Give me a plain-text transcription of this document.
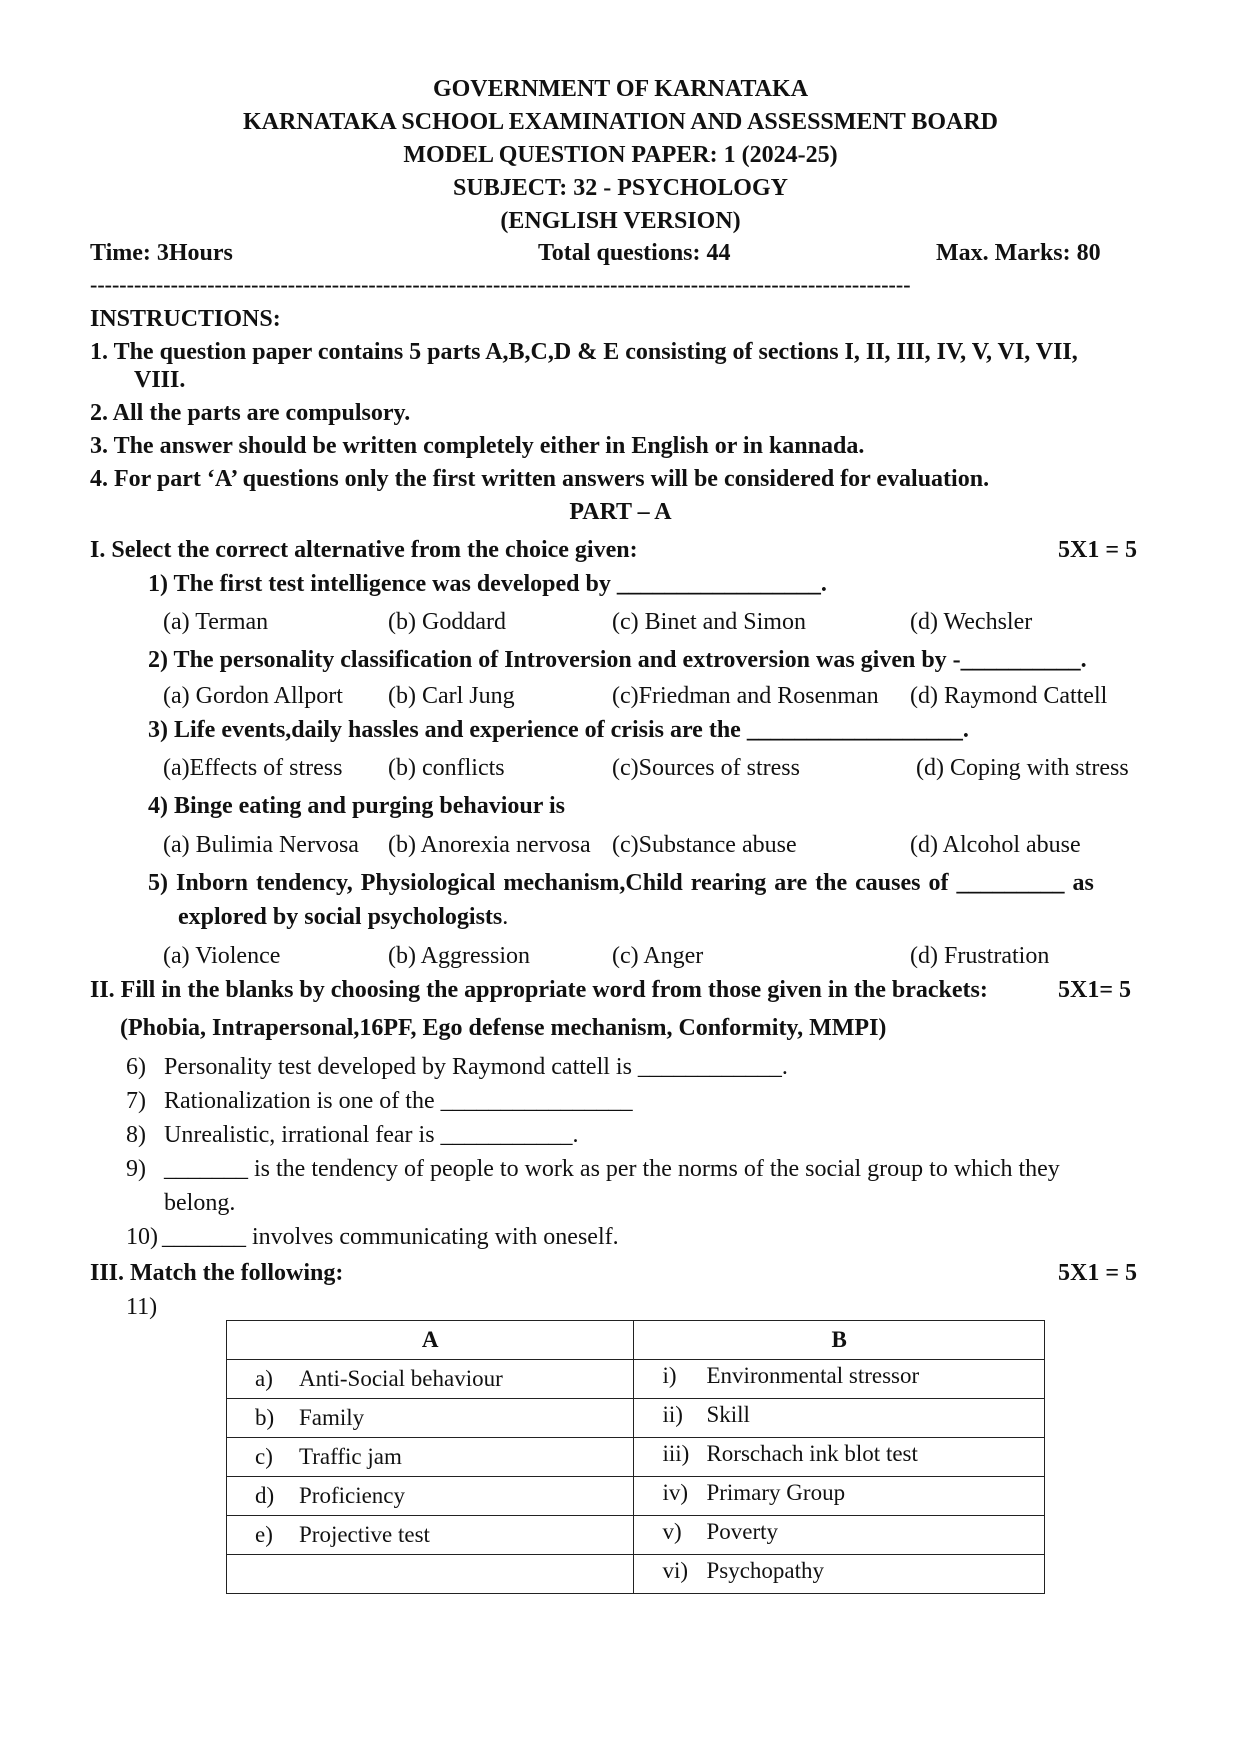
GOVERNMENT OF KARNATAKA
KARNATAKA SCHOOL EXAMINATION AND ASSESSMENT BOARD
MODEL QUESTION PAPER: 1 (2024-25)
SUBJECT: 32 - PSYCHOLOGY
(ENGLISH VERSION)
Time: 3Hours	Total questions: 44	Max. Marks: 80
----------------------------------------------------------------------------------------------------------------
INSTRUCTIONS:
1. The question paper contains 5 parts A,B,C,D & E consisting of sections I, II, III, IV, V, VI, VII,
VIII.
2. All the parts are compulsory.
3. The answer should be written completely either in English or in kannada.
4. For part ‘A’ questions only the first written answers will be considered for evaluation.
PART – A
I. Select the correct alternative from the choice given:	5X1 = 5
1) The first test intelligence was developed by _________________.
(a) Terman	(b) Goddard	(c) Binet and Simon	(d) Wechsler
2) The personality classification of Introversion and extroversion was given by -__________.
(a) Gordon Allport (b) Carl Jung	(c)Friedman and Rosenman (d) Raymond Cattell
3) Life events,daily hassles and experience of crisis are the __________________.
(a)Effects of stress (b) conflicts	(c)Sources of stress	(d) Coping with stress
4) Binge eating and purging behaviour is
(a) Bulimia Nervosa (b) Anorexia nervosa (c)Substance abuse	(d) Alcohol abuse
5) Inborn tendency, Physiological mechanism,Child rearing are the causes of _________ as
explored by social psychologists.
(a) Violence	(b) Aggression	(c) Anger	(d) Frustration
II. Fill in the blanks by choosing the appropriate word from those given in the brackets:	5X1= 5
(Phobia, Intrapersonal,16PF, Ego defense mechanism, Conformity, MMPI)
6) Personality test developed by Raymond cattell is ____________.
7) Rationalization is one of the ________________
8) Unrealistic, irrational fear is ___________.
9) _______ is the tendency of people to work as per the norms of the social group to which they
belong.
10) _______ involves communicating with oneself.
III. Match the following:	5X1 = 5
11)
A	B

a) Anti-Social behaviour	i) Environmental stressor

b) Family	ii) Skill

c) Traffic jam	iii) Rorschach ink blot test

d) Proficiency	iv) Primary Group

e) Projective test	v) Poverty

	vi) Psychopathy
